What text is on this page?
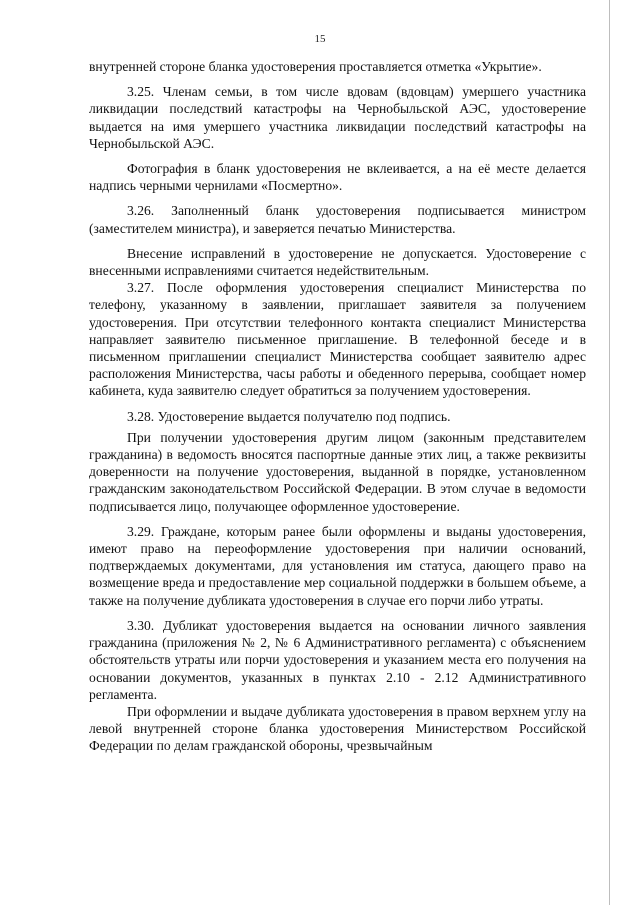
15

внутренней стороне бланка удостоверения проставляется отметка «Укрытие».

3.25. Членам семьи, в том числе вдовам (вдовцам) умершего участника ликвидации последствий катастрофы на Чернобыльской АЭС, удостоверение выдается на имя умершего участника ликвидации последствий катастрофы на Чернобыльской АЭС.

Фотография в бланк удостоверения не вклеивается, а на её месте делается надпись черными чернилами «Посмертно».

3.26. Заполненный бланк удостоверения подписывается министром (заместителем министра), и заверяется печатью Министерства.

Внесение исправлений в удостоверение не допускается. Удостоверение с внесенными исправлениями считается недействительным.

3.27. После оформления удостоверения специалист Министерства по телефону, указанному в заявлении, приглашает заявителя за получением удостоверения. При отсутствии телефонного контакта специалист Министерства направляет заявителю письменное приглашение. В телефонной беседе и в письменном приглашении специалист Министерства сообщает заявителю адрес расположения Министерства, часы работы и обеденного перерыва, сообщает номер кабинета, куда заявителю следует обратиться за получением удостоверения.

3.28. Удостоверение выдается получателю под подпись.

При получении удостоверения другим лицом (законным представителем гражданина) в ведомость вносятся паспортные данные этих лиц, а также реквизиты доверенности на получение удостоверения, выданной в порядке, установленном гражданским законодательством Российской Федерации. В этом случае в ведомости подписывается лицо, получающее оформленное удостоверение.

3.29. Граждане, которым ранее были оформлены и выданы удостоверения, имеют право на переоформление удостоверения при наличии оснований, подтверждаемых документами, для установления им статуса, дающего право на возмещение вреда и предоставление мер социальной поддержки в большем объеме, а также на получение дубликата удостоверения в случае его порчи либо утраты.

3.30. Дубликат удостоверения выдается на основании личного заявления гражданина (приложения № 2, № 6 Административного регламента) с объяснением обстоятельств утраты или порчи удостоверения и указанием места его получения на основании документов, указанных в пунктах 2.10 - 2.12 Административного регламента.

При оформлении и выдаче дубликата удостоверения в правом верхнем углу на левой внутренней стороне бланка удостоверения Министерством Российской Федерации по делам гражданской обороны, чрезвычайным
